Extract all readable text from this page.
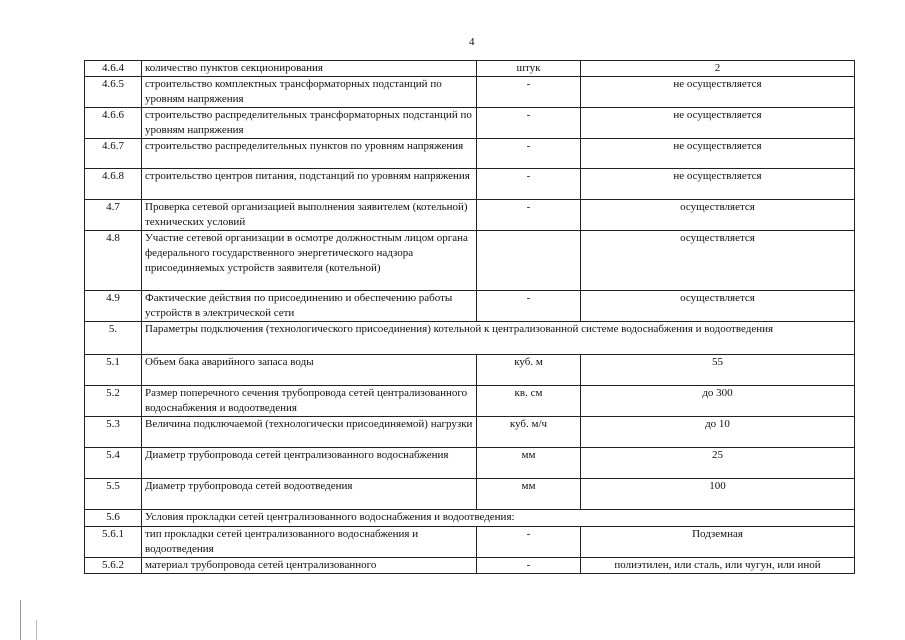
4
4.6.4	количество пунктов секционирования	штук	2
4.6.5	строительство комплектных трансформаторных подстанций по уровням напряжения	-	не осуществляется
4.6.6	строительство распределительных трансформаторных подстанций по уровням напряжения	-	не осуществляется
4.6.7	строительство распределительных пунктов по уровням напряжения	-	не осуществляется
4.6.8	строительство центров питания, подстанций по уровням напряжения	-	не осуществляется
4.7	Проверка сетевой организацией выполнения заявителем (котельной) технических условий	-	осуществляется
4.8	Участие сетевой организации в осмотре должностным лицом органа федерального государственного энергетического надзора присоединяемых устройств заявителя (котельной)		осуществляется
4.9	Фактические действия по присоединению и обеспечению работы устройств в электрической сети	-	осуществляется
5.	Параметры подключения (технологического присоединения) котельной к централизованной системе водоснабжения и водоотведения		
5.1	Объем бака аварийного запаса воды	куб. м	55
5.2	Размер поперечного сечения трубопровода сетей централизованного водоснабжения и водоотведения	кв. см	до 300
5.3	Величина подключаемой (технологически присоединяемой) нагрузки	куб. м/ч	до 10
5.4	Диаметр трубопровода сетей централизованного водоснабжения	мм	25
5.5	Диаметр трубопровода сетей водоотведения	мм	100
5.6	Условия прокладки сетей централизованного водоснабжения и водоотведения:		
5.6.1	тип прокладки сетей централизованного водоснабжения и водоотведения	-	Подземная
5.6.2	материал трубопровода сетей централизованного	-	полиэтилен, или сталь, или чугун, или иной
